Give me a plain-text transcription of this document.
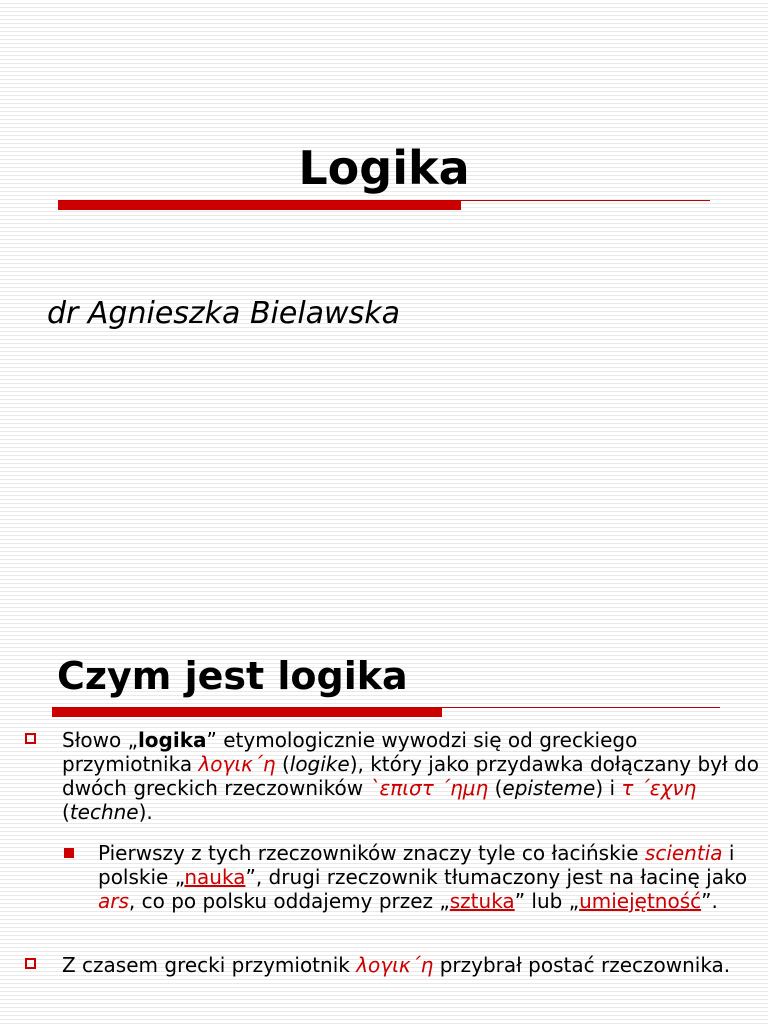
Logika
dr Agnieszka Bielawska
Czym jest logika
Słowo „logika” etymologicznie wywodzi się od greckiego przymiotnika λογικ΄η (logike), który jako przydawka dołączany był do dwóch greckich rzeczowników `επιστ ΄ημη (episteme) i τ ΄εχνη (techne).
Pierwszy z tych rzeczowników znaczy tyle co łacińskie scientia i polskie „nauka”, drugi rzeczownik tłumaczony jest na łacinę jako ars, co po polsku oddajemy przez „sztuka” lub „umiejętność”.
Z czasem grecki przymiotnik λογικ΄η przybrał postać rzeczownika.
